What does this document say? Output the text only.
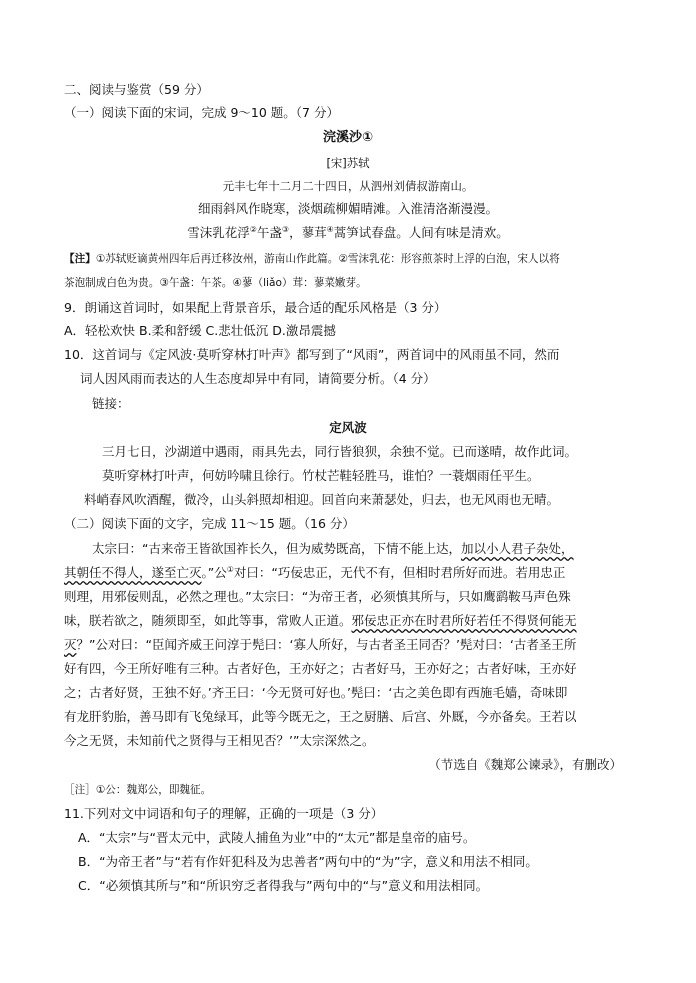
二、阅读与鉴赏（59 分）
（一）阅读下面的宋词，完成 9～10 题。（7 分）
浣溪沙①
[宋]苏轼
元丰七年十二月二十四日，从泗州刘倩叔游南山。
细雨斜风作晓寒，淡烟疏柳媚晴滩。入淮清洛渐漫漫。
雪沫乳花浮②午盏③，蓼茸④蒿笋试春盘。人间有味是清欢。
【注】①苏轼贬谪黄州四年后再迁移汝州，游南山作此篇。②雪沫乳花：形容煎茶时上浮的白泡，宋人以将
茶泡制成白色为贵。③午盏：午茶。④蓼（liǎo）茸：蓼菜嫩芽。
9．朗诵这首词时，如果配上背景音乐，最合适的配乐风格是（3 分）
A．轻松欢快 B.柔和舒缓 C.悲壮低沉 D.激昂震撼
10．这首词与《定风波·莫听穿林打叶声》都写到了“风雨”，两首词中的风雨虽不同，然而
词人因风雨而表达的人生态度却异中有同，请简要分析。（4 分）
链接：
定风波
三月七日，沙湖道中遇雨，雨具先去，同行皆狼狈，余独不觉。已而遂晴，故作此词。
莫听穿林打叶声，何妨吟啸且徐行。竹杖芒鞋轻胜马，谁怕？一蓑烟雨任平生。
料峭春风吹酒醒，微冷，山头斜照却相迎。回首向来萧瑟处，归去，也无风雨也无晴。
（二）阅读下面的文字，完成 11～15 题。（16 分）
太宗曰：“古来帝王皆欲国祚长久，但为威势既高，下情不能上达，加以小人君子杂处，
其朝任不得人，遂至亡灭。”公①对曰：“巧佞忠正，无代不有，但相时君所好而进。若用忠正
则理，用邪佞则乱，必然之理也。”太宗曰：“为帝王者，必须慎其所与，只如鹰鹞鞍马声色殊
味，朕若欲之，随须即至，如此等事，常败人正道。邪佞忠正亦在时君所好若任不得贤何能无
灭？”公对曰：“臣闻齐威王问淳于髡曰：‘寡人所好，与古者圣王同否？’髡对曰：‘古者圣王所
好有四，今王所好唯有三种。古者好色，王亦好之；古者好马，王亦好之；古者好味，王亦好
之；古者好贤，王独不好。’齐王曰：‘今无贤可好也。’髡曰：‘古之美色即有西施毛嫱，奇味即
有龙肝豹胎，善马即有飞兔绿耳，此等今既无之，王之厨膳、后宫、外厩，今亦备矣。王若以
今之无贤，未知前代之贤得与王相见否？’”太宗深然之。
（节选自《魏郑公谏录》，有删改）
［注］①公：魏郑公，即魏征。
11.下列对文中词语和句子的理解，正确的一项是（3 分）
A．“太宗”与“晋太元中，武陵人捕鱼为业”中的“太元”都是皇帝的庙号。
B．“为帝王者”与“若有作奸犯科及为忠善者”两句中的“为”字，意义和用法不相同。
C．“必须慎其所与”和“所识穷乏者得我与”两句中的“与”意义和用法相同。
